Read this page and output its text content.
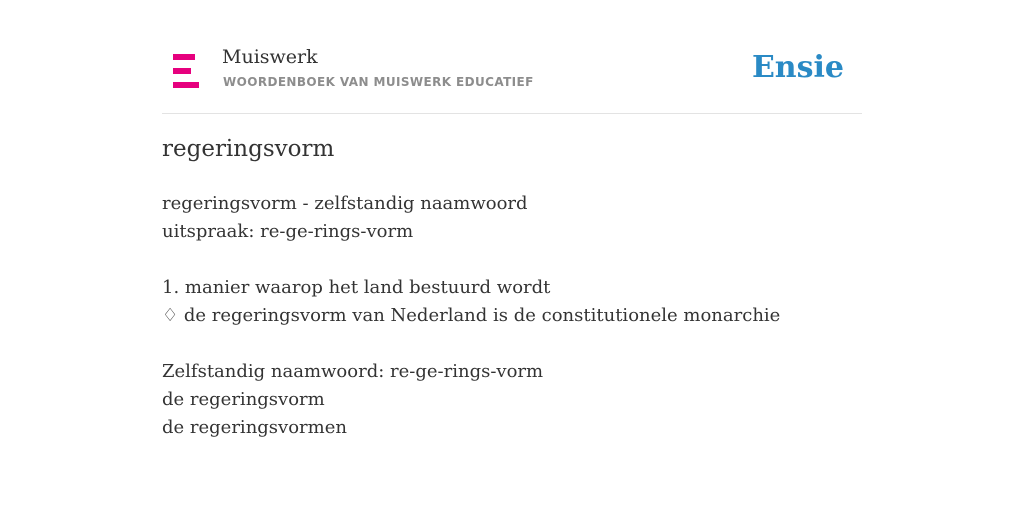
Muiswerk
WOORDENBOEK VAN MUISWERK EDUCATIEF	Ensie
regeringsvorm
regeringsvorm - zelfstandig naamwoord
uitspraak: re-ge-rings-vorm
1. manier waarop het land bestuurd wordt
♢ de regeringsvorm van Nederland is de constitutionele monarchie
Zelfstandig naamwoord: re-ge-rings-vorm
de regeringsvorm
de regeringsvormen
